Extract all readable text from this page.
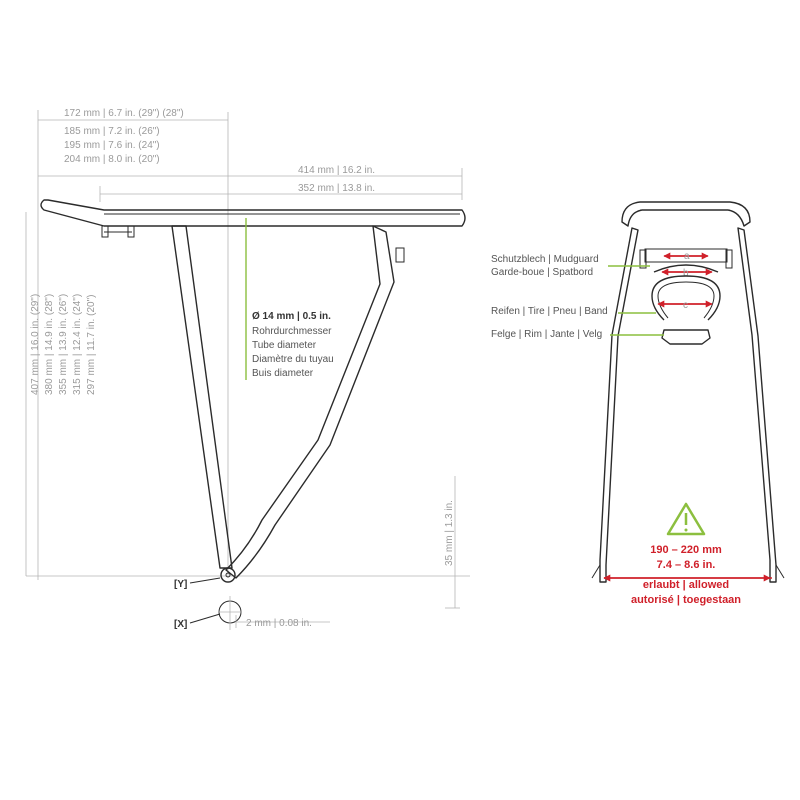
172 mm | 6.7 in. (29") (28")
185 mm | 7.2 in. (26")
195 mm | 7.6 in. (24")
204 mm | 8.0 in. (20")
414 mm | 16.2 in.
352 mm | 13.8 in.
407 mm | 16.0 in. (29") 380 mm | 14.9 in. (28") 355 mm | 13.9 in. (26") 315 mm | 12.4 in. (24") 297 mm | 11.7 in. (20")
35 mm | 1.3 in.
2 mm | 0.08 in.
[Y]
[X]
Ø 14 mm | 0.5 in.
Rohrdurchmesser
Tube diameter
Diamètre du tuyau
Buis diameter
a
b
c
Schutzblech | Mudguard
Garde-boue | Spatbord
Reifen | Tire | Pneu | Band
Felge | Rim | Jante | Velg
190 – 220 mm
7.4 – 8.6 in.
erlaubt | allowed
autorisé | toegestaan
